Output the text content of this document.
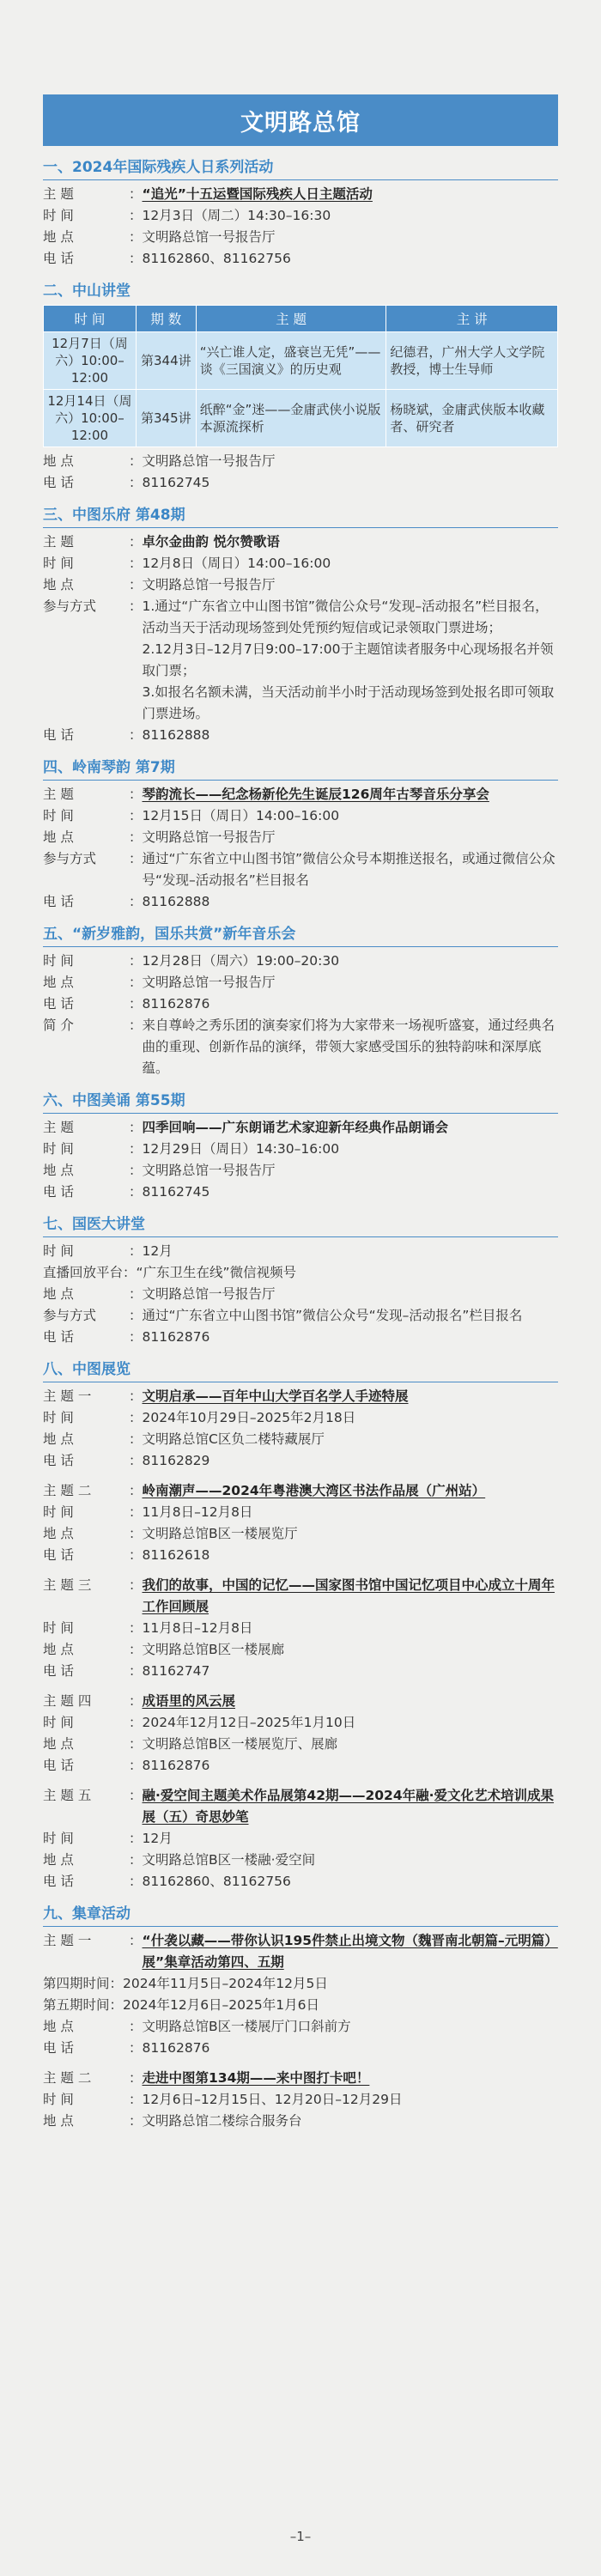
文明路总馆
一、2024年国际残疾人日系列活动
主 题	： “追光”十五运暨国际残疾人日主题活动
时 间	： 12月3日（周二）14:30–16:30
地 点	： 文明路总馆一号报告厅
电 话	： 81162860、81162756
二、中山讲堂
时 间	期 数	主 题	主 讲
12月7日（周六）10:00–12:00	第344讲	“兴亡谁人定，盛衰岂无凭”——谈《三国演义》的历史观	纪德君，广州大学人文学院教授，博士生导师
12月14日（周六）10:00–12:00	第345讲	纸醉“金”迷——金庸武侠小说版本源流探析	杨晓斌，金庸武侠版本收藏者、研究者
地 点	： 文明路总馆一号报告厅
电 话	： 81162745
三、中图乐府 第48期
主 题	： 卓尔金曲韵 悦尔赞歌语
时 间	： 12月8日（周日）14:00–16:00
地 点	： 文明路总馆一号报告厅
参与方式	： 1.通过“广东省立中山图书馆”微信公众号“发现–活动报名”栏目报名，活动当天于活动现场签到处凭预约短信或记录领取门票进场；
2.12月3日–12月7日9:00–17:00于主题馆读者服务中心现场报名并领取门票；
3.如报名名额未满，当天活动前半小时于活动现场签到处报名即可领取门票进场。
电 话	： 81162888
四、岭南琴韵 第7期
主 题	： 琴韵流长——纪念杨新伦先生诞辰126周年古琴音乐分享会
时 间	： 12月15日（周日）14:00–16:00
地 点	： 文明路总馆一号报告厅
参与方式	： 通过“广东省立中山图书馆”微信公众号本期推送报名，或通过微信公众号“发现–活动报名”栏目报名
电 话	： 81162888
五、“新岁雅韵，国乐共赏”新年音乐会
时 间	： 12月28日（周六）19:00–20:30
地 点	： 文明路总馆一号报告厅
电 话	： 81162876
简 介	： 来自尊岭之秀乐团的演奏家们将为大家带来一场视听盛宴，通过经典名曲的重现、创新作品的演绎，带领大家感受国乐的独特韵味和深厚底蕴。
六、中图美诵 第55期
主 题	： 四季回响——广东朗诵艺术家迎新年经典作品朗诵会
时 间	： 12月29日（周日）14:30–16:00
地 点	： 文明路总馆一号报告厅
电 话	： 81162745
七、国医大讲堂
时 间	： 12月
直播回放平台 ： “广东卫生在线”微信视频号
地 点	： 文明路总馆一号报告厅
参与方式	： 通过“广东省立中山图书馆”微信公众号“发现–活动报名”栏目报名
电 话	： 81162876
八、中图展览
主 题 一	： 文明启承——百年中山大学百名学人手迹特展
时 间	： 2024年10月29日–2025年2月18日
地 点	： 文明路总馆C区负二楼特藏展厅
电 话	： 81162829
主 题 二	： 岭南潮声——2024年粤港澳大湾区书法作品展（广州站）
时 间	： 11月8日–12月8日
地 点	： 文明路总馆B区一楼展览厅
电 话	： 81162618
主 题 三	： 我们的故事，中国的记忆——国家图书馆中国记忆项目中心成立十周年工作回顾展
时 间	： 11月8日–12月8日
地 点	： 文明路总馆B区一楼展廊
电 话	： 81162747
主 题 四	： 成语里的风云展
时 间	： 2024年12月12日–2025年1月10日
地 点	： 文明路总馆B区一楼展览厅、展廊
电 话	： 81162876
主 题 五	： 融·爱空间主题美术作品展第42期——2024年融·爱文化艺术培训成果展（五）奇思妙笔
时 间	： 12月
地 点	： 文明路总馆B区一楼融·爱空间
电 话	： 81162860、81162756
九、集章活动
主 题 一	： “什袭以藏——带你认识195件禁止出境文物（魏晋南北朝篇–元明篇）展”集章活动第四、五期
第四期时间 ： 2024年11月5日–2024年12月5日
第五期时间 ： 2024年12月6日–2025年1月6日
地 点	： 文明路总馆B区一楼展厅门口斜前方
电 话	： 81162876
主 题 二	： 走进中图第134期——来中图打卡吧！
时 间	： 12月6日–12月15日、12月20日–12月29日
地 点	： 文明路总馆二楼综合服务台
–1–
